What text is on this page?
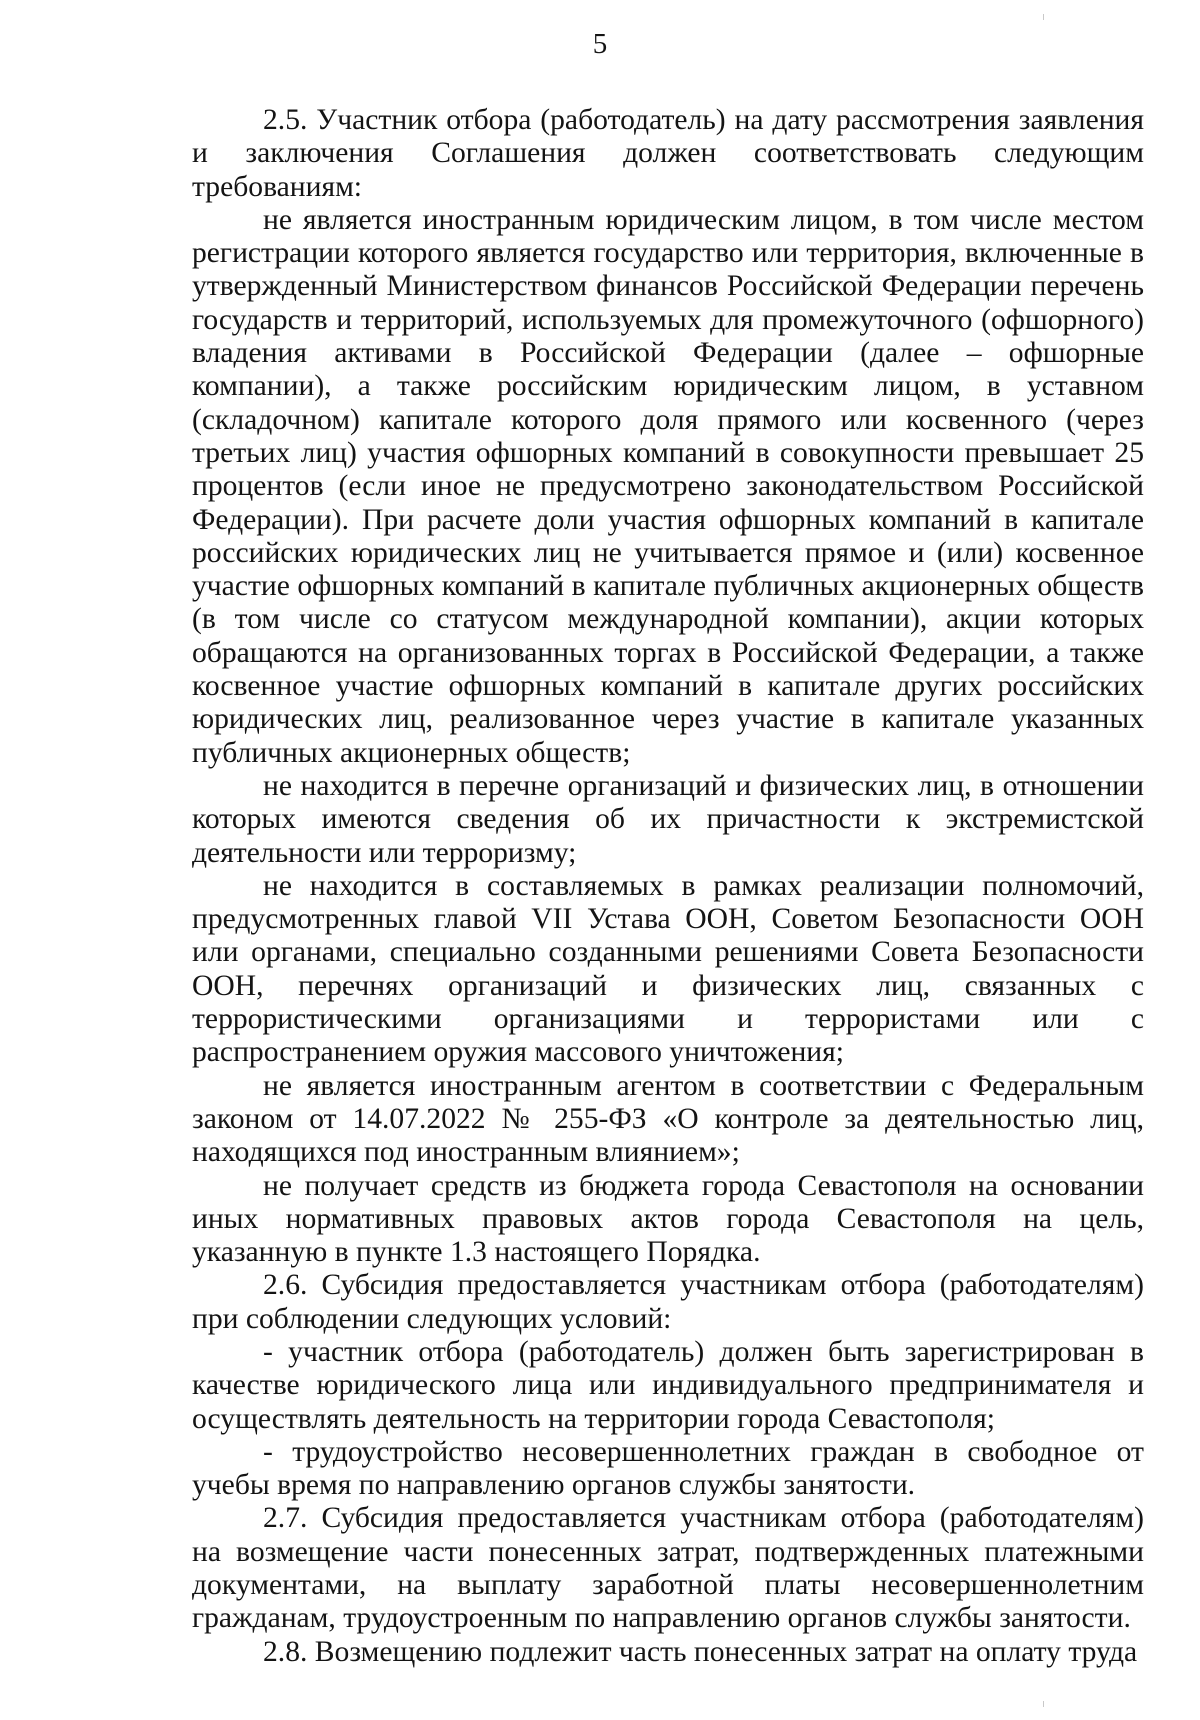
5

2.5. Участник отбора (работодатель) на дату рассмотрения заявления и заключения Соглашения должен соответствовать следующим требованиям:

не является иностранным юридическим лицом, в том числе местом регистрации которого является государство или территория, включенные в утвержденный Министерством финансов Российской Федерации перечень государств и территорий, используемых для промежуточного (офшорного) владения активами в Российской Федерации (далее – офшорные компании), а также российским юридическим лицом, в уставном (складочном) капитале которого доля прямого или косвенного (через третьих лиц) участия офшорных компаний в совокупности превышает 25 процентов (если иное не предусмотрено законодательством Российской Федерации). При расчете доли участия офшорных компаний в капитале российских юридических лиц не учитывается прямое и (или) косвенное участие офшорных компаний в капитале публичных акционерных обществ (в том числе со статусом международной компании), акции которых обращаются на организованных торгах в Российской Федерации, а также косвенное участие офшорных компаний в капитале других российских юридических лиц, реализованное через участие в капитале указанных публичных акционерных обществ;

не находится в перечне организаций и физических лиц, в отношении которых имеются сведения об их причастности к экстремистской деятельности или терроризму;

не находится в составляемых в рамках реализации полномочий, предусмотренных главой VII Устава ООН, Советом Безопасности ООН или органами, специально созданными решениями Совета Безопасности ООН, перечнях организаций и физических лиц, связанных с террористическими организациями и террористами или с распространением оружия массового уничтожения;

не является иностранным агентом в соответствии с Федеральным законом от 14.07.2022 № 255-ФЗ «О контроле за деятельностью лиц, находящихся под иностранным влиянием»;

не получает средств из бюджета города Севастополя на основании иных нормативных правовых актов города Севастополя на цель, указанную в пункте 1.3 настоящего Порядка.

2.6. Субсидия предоставляется участникам отбора (работодателям) при соблюдении следующих условий:

- участник отбора (работодатель) должен быть зарегистрирован в качестве юридического лица или индивидуального предпринимателя и осуществлять деятельность на территории города Севастополя;

- трудоустройство несовершеннолетних граждан в свободное от учебы время по направлению органов службы занятости.

2.7. Субсидия предоставляется участникам отбора (работодателям) на возмещение части понесенных затрат, подтвержденных платежными документами, на выплату заработной платы несовершеннолетним гражданам, трудоустроенным по направлению органов службы занятости.

2.8. Возмещению подлежит часть понесенных затрат на оплату труда
